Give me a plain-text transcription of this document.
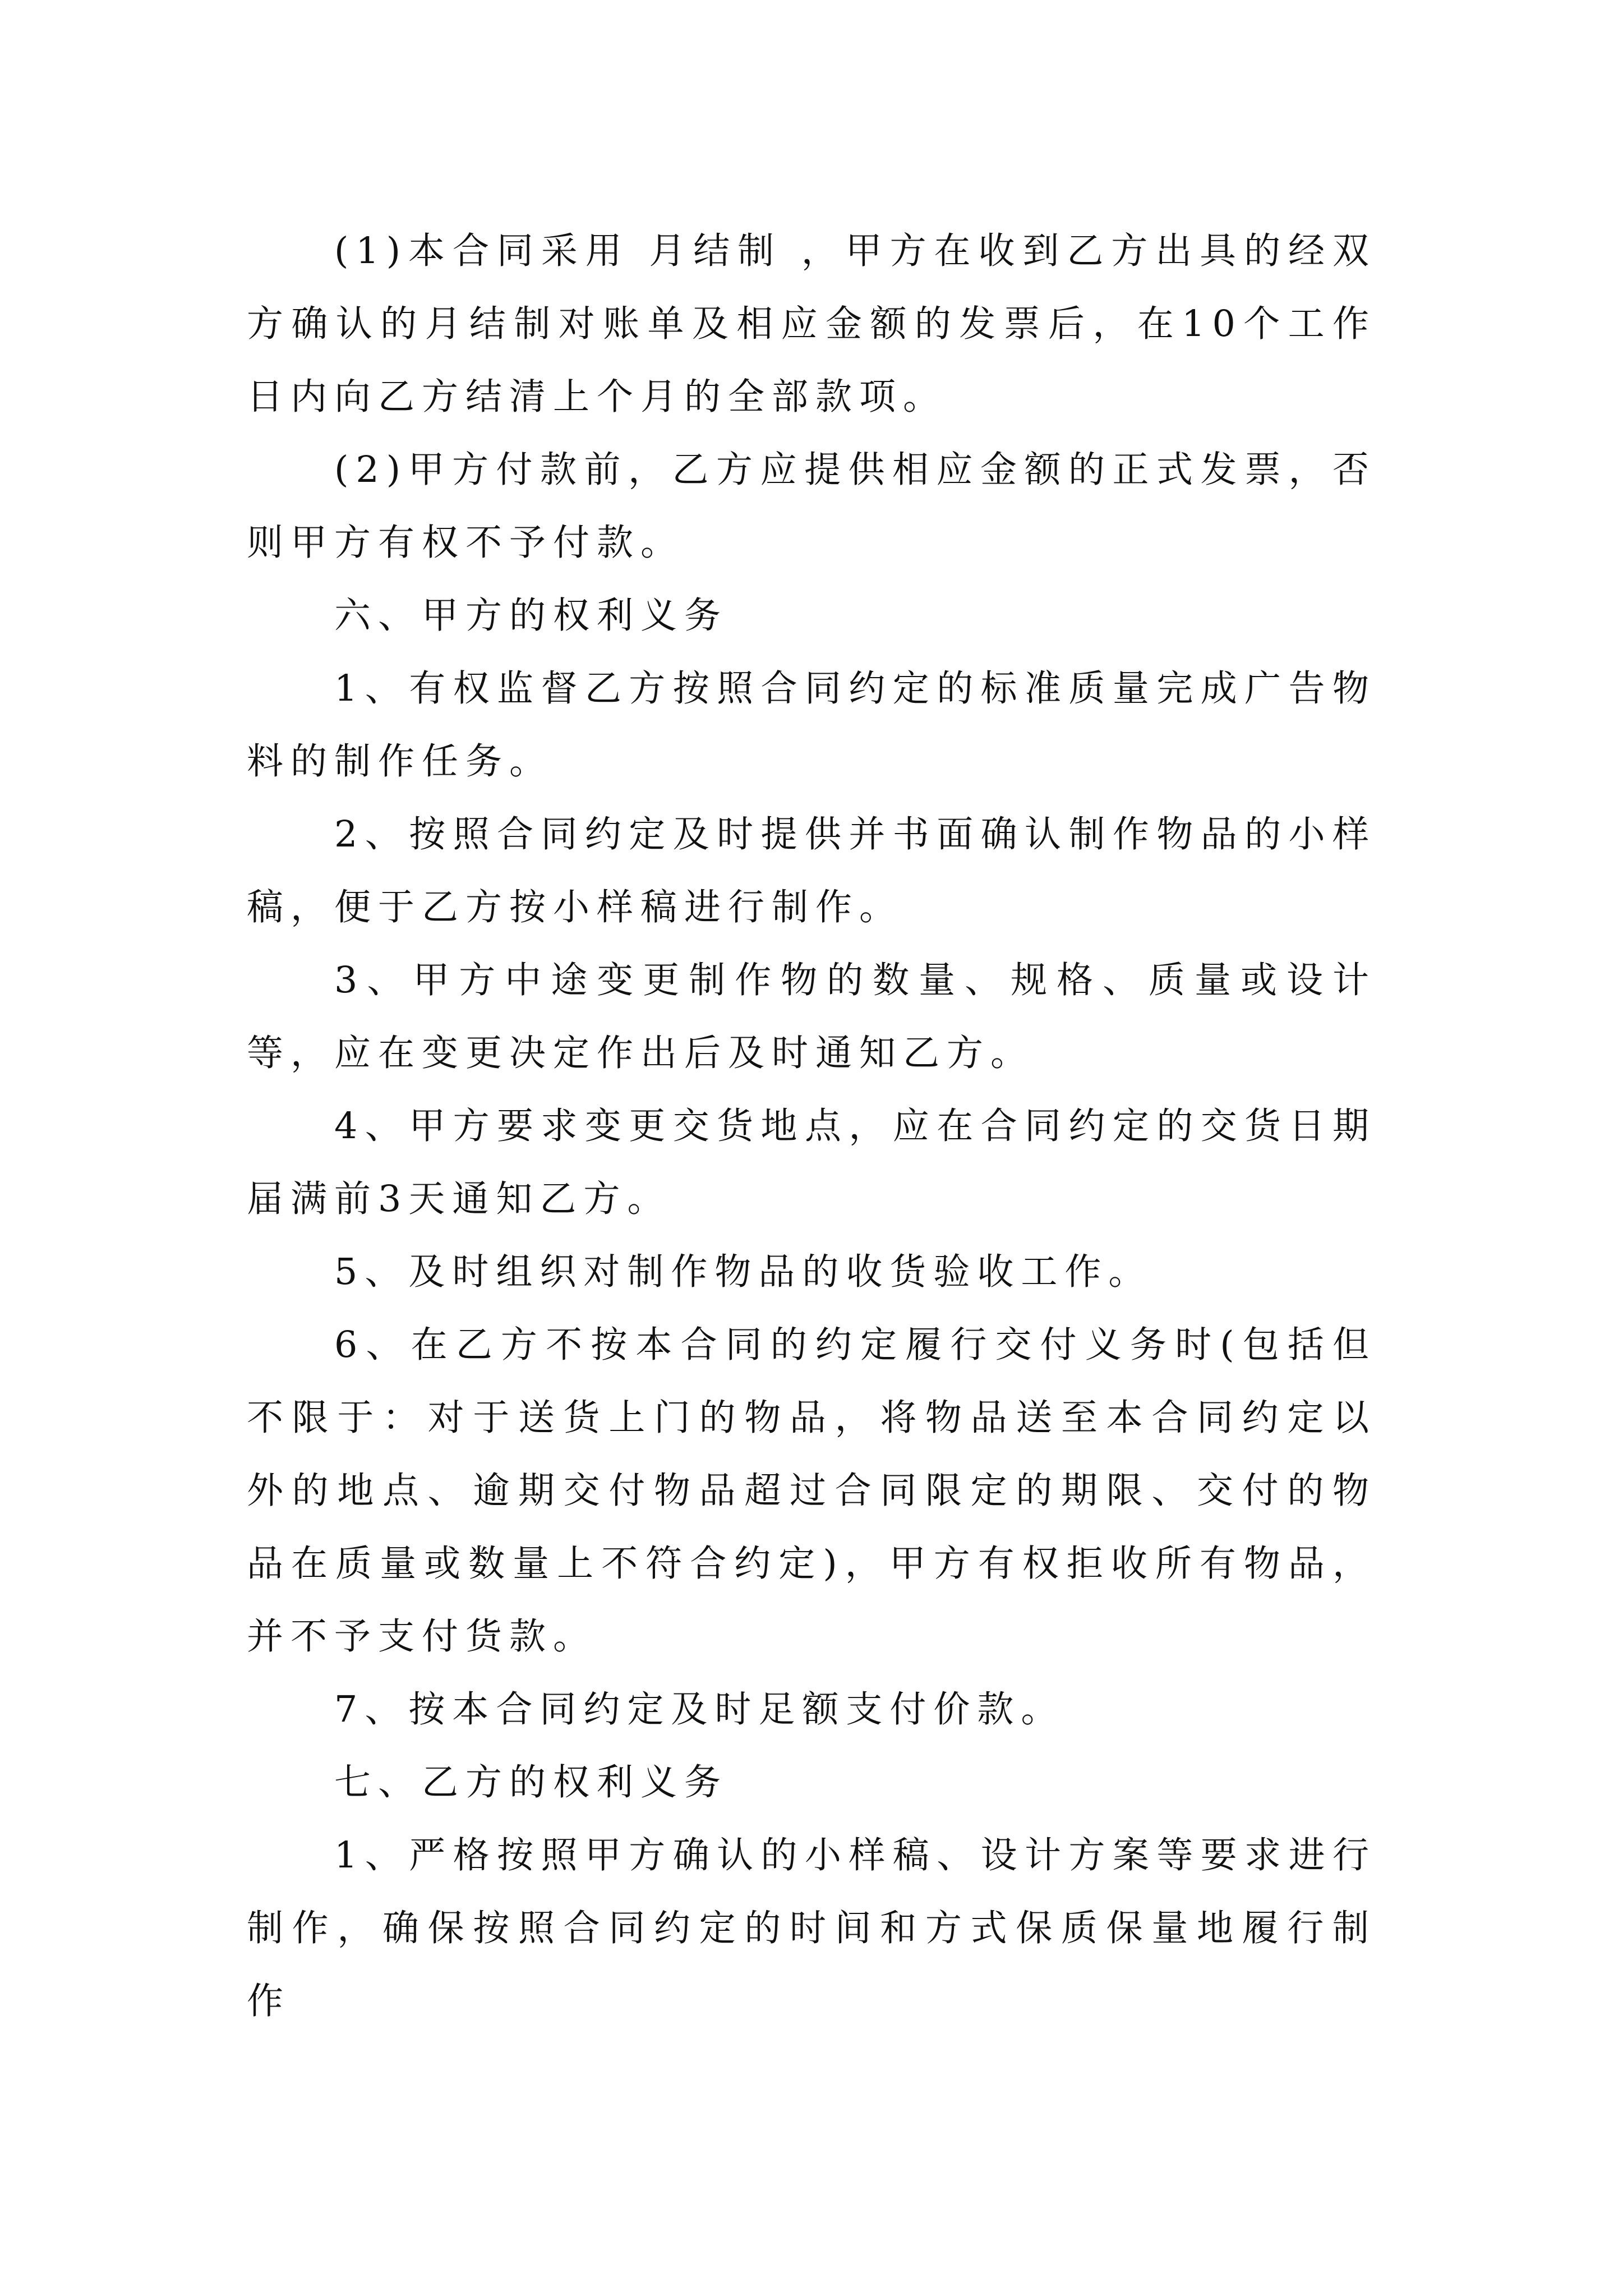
(1)本合同采用 月结制 ，甲方在收到乙方出具的经双方确认的月结制对账单及相应金额的发票后，在10个工作日内向乙方结清上个月的全部款项。

(2)甲方付款前，乙方应提供相应金额的正式发票，否则甲方有权不予付款。

六、甲方的权利义务

1、有权监督乙方按照合同约定的标准质量完成广告物料的制作任务。

2、按照合同约定及时提供并书面确认制作物品的小样稿，便于乙方按小样稿进行制作。

3、甲方中途变更制作物的数量、规格、质量或设计等，应在变更决定作出后及时通知乙方。

4、甲方要求变更交货地点，应在合同约定的交货日期届满前3天通知乙方。

5、及时组织对制作物品的收货验收工作。

6、在乙方不按本合同的约定履行交付义务时(包括但不限于：对于送货上门的物品，将物品送至本合同约定以外的地点、逾期交付物品超过合同限定的期限、交付的物品在质量或数量上不符合约定)，甲方有权拒收所有物品，并不予支付货款。

7、按本合同约定及时足额支付价款。

七、乙方的权利义务

1、严格按照甲方确认的小样稿、设计方案等要求进行制作，确保按照合同约定的时间和方式保质保量地履行制作
